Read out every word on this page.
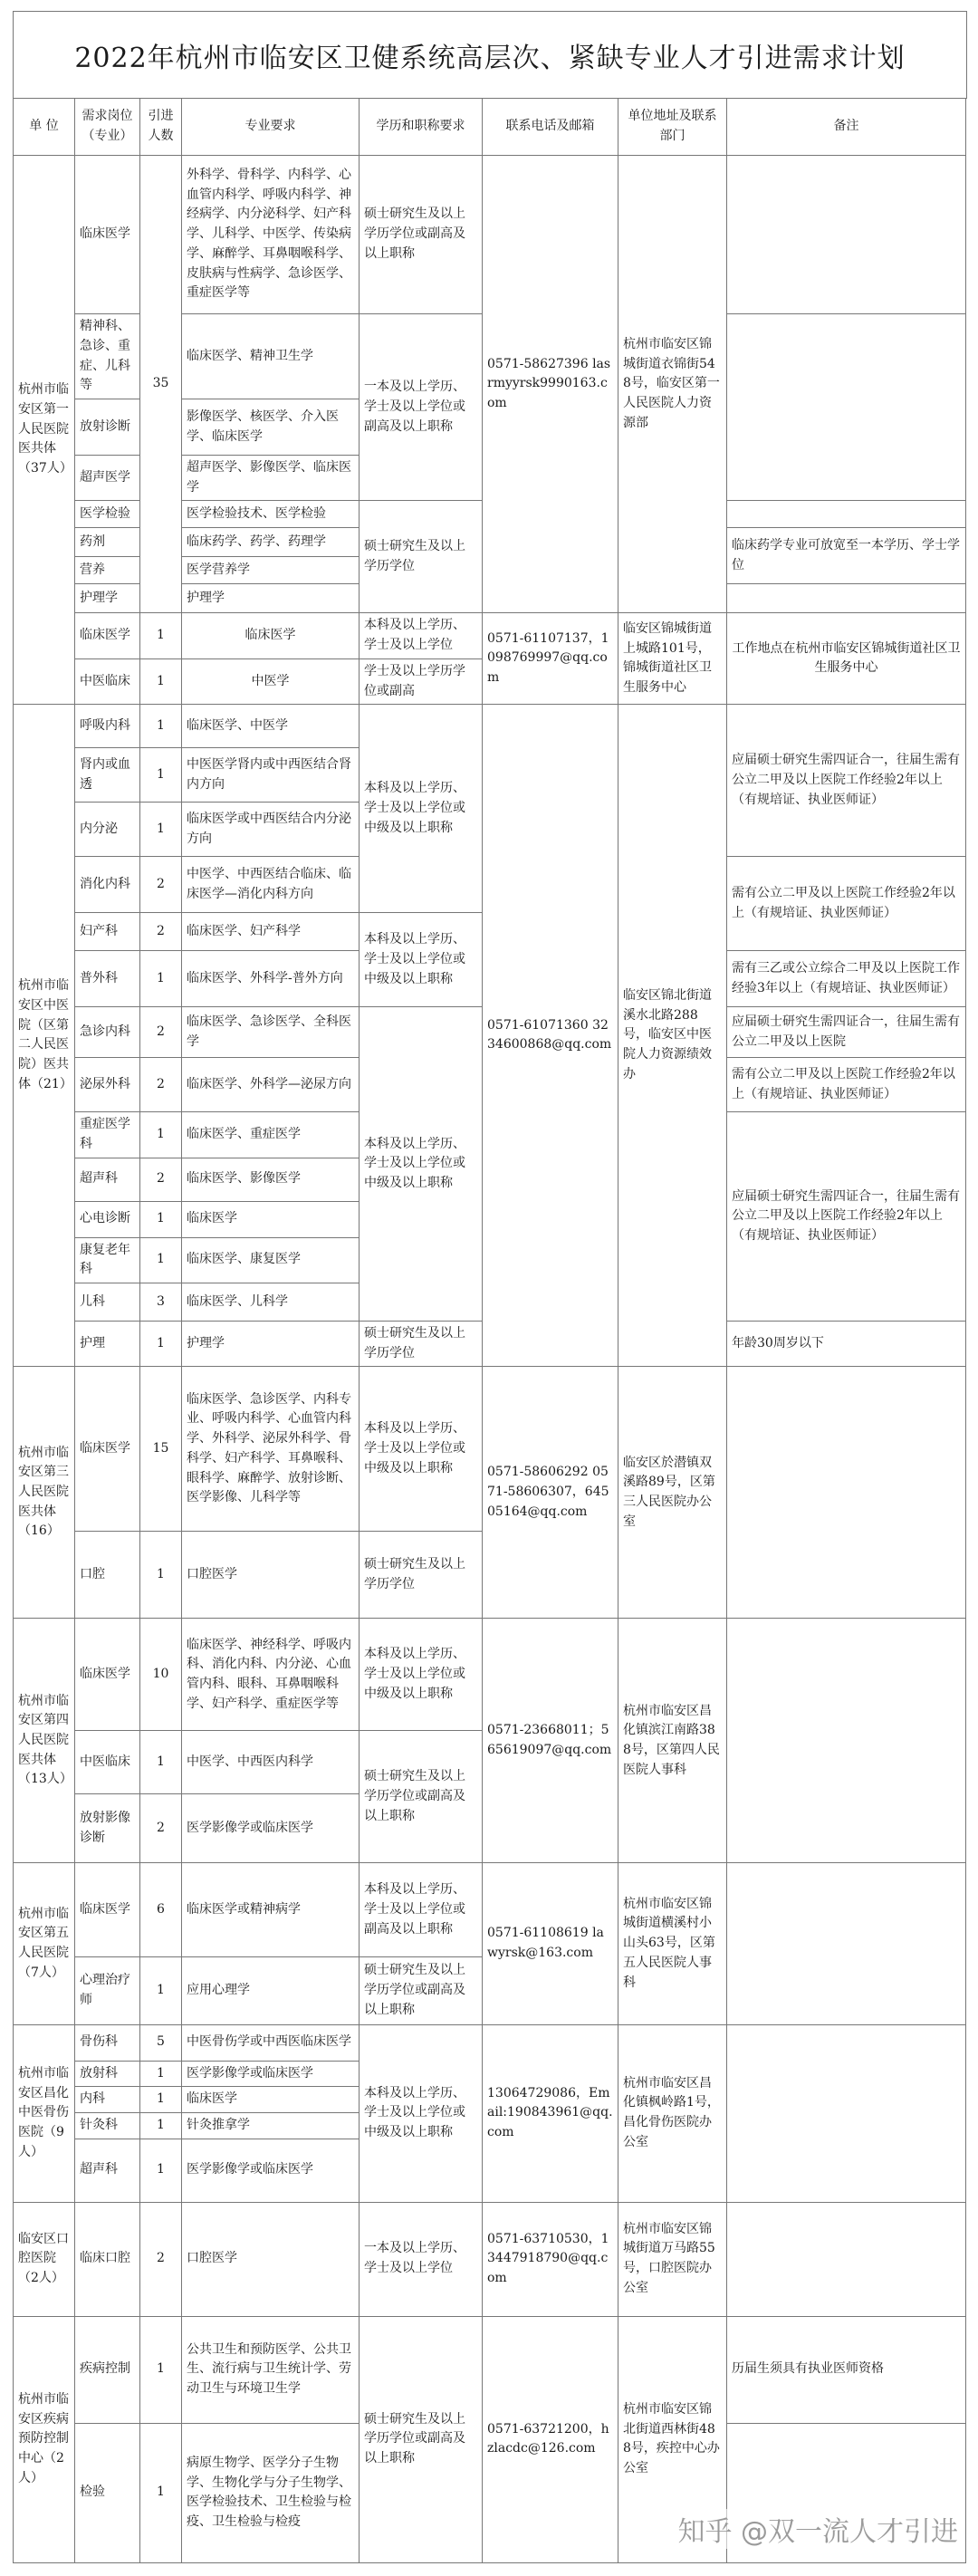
2022年杭州市临安区卫健系统高层次、紧缺专业人才引进需求计划
单 位	需求岗位（专业）	引进人数	专业要求	学历和职称要求	联系电话及邮箱	单位地址及联系部门	备注
杭州市临安区第一人民医院医共体（37人）	临床医学	35	外科学、骨科学、内科学、心血管内科学、呼吸内科学、神经病学、内分泌科学、妇产科学、儿科学、中医学、传染病学、麻醉学、耳鼻咽喉科学、皮肤病与性病学、急诊医学、重症医学等	硕士研究生及以上学历学位或副高及以上职称	0571-58627396 lasrmyyrsk9990163.com	杭州市临安区锦城街道衣锦街548号，临安区第一人民医院人力资源部	
	精神科、急诊、重症、儿科等		临床医学、精神卫生学	一本及以上学历、学士及以上学位或副高及以上职称			
	放射诊断		影像医学、核医学、介入医学、临床医学				
	超声医学		超声医学、影像医学、临床医学				
	医学检验		医学检验技术、医学检验	硕士研究生及以上学历学位			
	药剂		临床药学、药学、药理学				临床药学专业可放宽至一本学历、学士学位
	营养		医学营养学				
	护理学		护理学				
	临床医学	1	临床医学	本科及以上学历、学士及以上学位	0571-61107137，1098769997@qq.com	临安区锦城街道上城路101号，锦城街道社区卫生服务中心	工作地点在杭州市临安区锦城街道社区卫生服务中心
	中医临床	1	中医学	学士及以上学历学位或副高			
杭州市临安区中医院（区第二人民医院）医共体（21）	呼吸内科	1	临床医学、中医学	本科及以上学历、学士及以上学位或中级及以上职称	0571-61071360 3234600868@qq.com	临安区锦北街道溪水北路288号，临安区中医院人力资源绩效办	应届硕士研究生需四证合一，往届生需有公立二甲及以上医院工作经验2年以上（有规培证、执业医师证）
	肾内或血透	1	中医医学肾内或中西医结合肾内方向				
	内分泌	1	临床医学或中西医结合内分泌方向				
	消化内科	2	中医学、中西医结合临床、临床医学—消化内科方向				需有公立二甲及以上医院工作经验2年以上（有规培证、执业医师证）
	妇产科	2	临床医学、妇产科学	本科及以上学历、学士及以上学位或中级及以上职称			
	普外科	1	临床医学、外科学-普外方向				需有三乙或公立综合二甲及以上医院工作经验3年以上（有规培证、执业医师证）
	急诊内科	2	临床医学、急诊医学、全科医学	本科及以上学历、学士及以上学位或中级及以上职称			应届硕士研究生需四证合一，往届生需有公立二甲及以上医院
	泌尿外科	2	临床医学、外科学—泌尿方向				需有公立二甲及以上医院工作经验2年以上（有规培证、执业医师证）
	重症医学科	1	临床医学、重症医学				应届硕士研究生需四证合一，往届生需有公立二甲及以上医院工作经验2年以上（有规培证、执业医师证）
	超声科	2	临床医学、影像医学				
	心电诊断	1	临床医学				
	康复老年科	1	临床医学、康复医学				
	儿科	3	临床医学、儿科学				
	护理	1	护理学	硕士研究生及以上学历学位			年龄30周岁以下
杭州市临安区第三人民医院医共体（16）	临床医学	15	临床医学、急诊医学、内科专业、呼吸内科学、心血管内科学、外科学、泌尿外科学、骨科学、妇产科学、耳鼻喉科、眼科学、麻醉学、放射诊断、医学影像、儿科学等	本科及以上学历、学士及以上学位或中级及以上职称	0571-58606292 0571-58606307，64505164@qq.com	临安区於潜镇双溪路89号，区第三人民医院办公室	
	口腔	1	口腔医学	硕士研究生及以上学历学位			
杭州市临安区第四人民医院医共体（13人）	临床医学	10	临床医学、神经科学、呼吸内科、消化内科、内分泌、心血管内科、眼科、耳鼻咽喉科学、妇产科学、重症医学等	本科及以上学历、学士及以上学位或中级及以上职称	0571-23668011；565619097@qq.com	杭州市临安区昌化镇滨江南路388号，区第四人民医院人事科	
	中医临床	1	中医学、中西医内科学	硕士研究生及以上学历学位或副高及以上职称			
	放射影像诊断	2	医学影像学或临床医学				
杭州市临安区第五人民医院（7人）	临床医学	6	临床医学或精神病学	本科及以上学历、学士及以上学位或副高及以上职称	0571-61108619 lawyrsk@163.com	杭州市临安区锦城街道横溪村小山头63号，区第五人民医院人事科	
	心理治疗师	1	应用心理学	硕士研究生及以上学历学位或副高及以上职称			
杭州市临安区昌化中医骨伤医院（9人）	骨伤科	5	中医骨伤学或中西医临床医学	本科及以上学历、学士及以上学位或中级及以上职称	13064729086，Email:190843961@qq.com	杭州市临安区昌化镇枫岭路1号，昌化骨伤医院办公室	
	放射科	1	医学影像学或临床医学				
	内科	1	临床医学				
	针灸科	1	针灸推拿学				
	超声科	1	医学影像学或临床医学				
临安区口腔医院（2人）	临床口腔	2	口腔医学	一本及以上学历、学士及以上学位	0571-63710530，13447918790@qq.com	杭州市临安区锦城街道万马路55号，口腔医院办公室	
杭州市临安区疾病预防控制中心（2人）	疾病控制	1	公共卫生和预防医学、公共卫生、流行病与卫生统计学、劳动卫生与环境卫生学	硕士研究生及以上学历学位或副高及以上职称	0571-63721200，hzlacdc@126.com	杭州市临安区锦北街道西林街488号，疾控中心办公室	历届生须具有执业医师资格
	检验	1	病原生物学、医学分子生物学、生物化学与分子生物学、医学检验技术、卫生检验与检疫、卫生检验与检疫					知乎 @双一流人才引进
